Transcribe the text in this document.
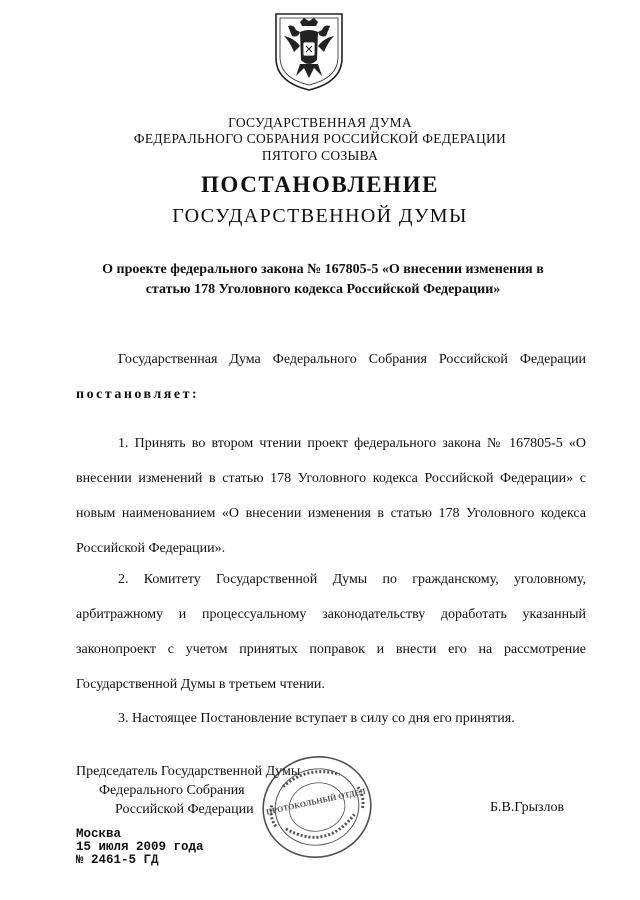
ГОСУДАРСТВЕННАЯ ДУМА
ФЕДЕРАЛЬНОГО СОБРАНИЯ РОССИЙСКОЙ ФЕДЕРАЦИИ
ПЯТОГО СОЗЫВА
ПОСТАНОВЛЕНИЕ
ГОСУДАРСТВЕННОЙ ДУМЫ
О проекте федерального закона № 167805-5 «О внесении изменения в статью 178 Уголовного кодекса Российской Федерации»
Государственная Дума Федерального Собрания Российской Федерации постановляет:
1. Принять во втором чтении проект федерального закона № 167805-5 «О внесении изменений в статью 178 Уголовного кодекса Российской Федерации» с новым наименованием «О внесении изменения в статью 178 Уголовного кодекса Российской Федерации».
2. Комитету Государственной Думы по гражданскому, уголовному, арбитражному и процессуальному законодательству доработать указанный законопроект с учетом принятых поправок и внести его на рассмотрение Государственной Думы в третьем чтении.
3. Настоящее Постановление вступает в силу со дня его принятия.
Председатель Государственной Думы
Федерального Собрания
Российской Федерации	Б.В.Грызлов
ПРОТОКОЛЬНЫЙ ОТДЕЛ
Москва
15 июля 2009 года
№ 2461-5 ГД
